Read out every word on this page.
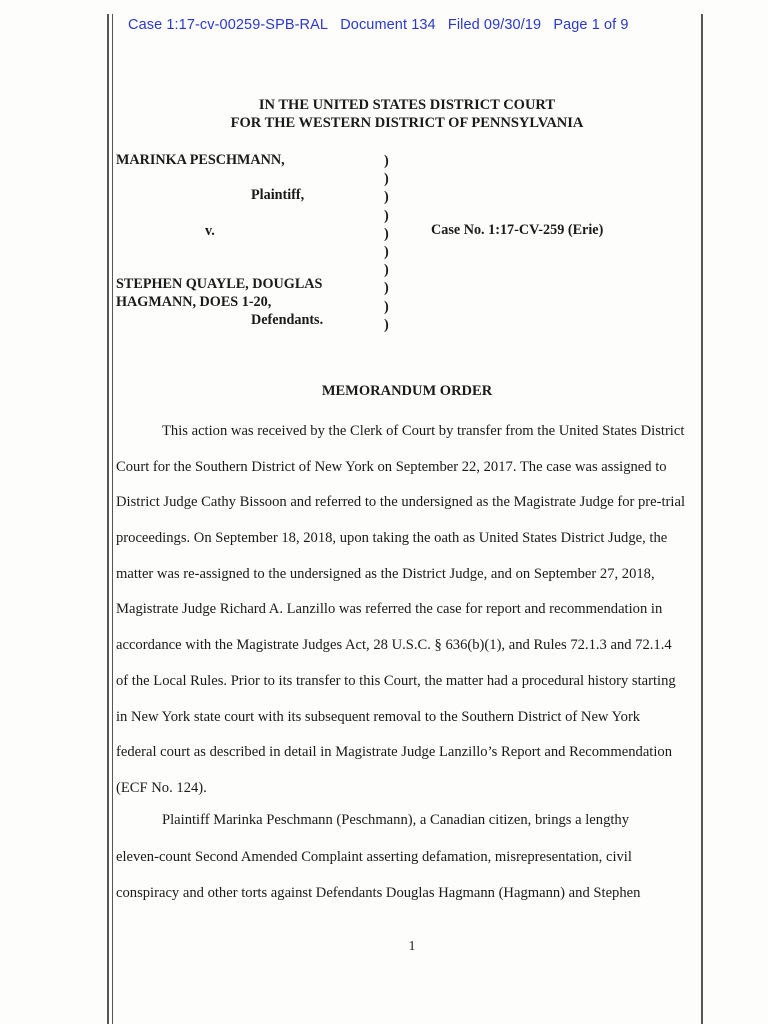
Case 1:17-cv-00259-SPB-RAL Document 134 Filed 09/30/19 Page 1 of 9
IN THE UNITED STATES DISTRICT COURT
FOR THE WESTERN DISTRICT OF PENNSYLVANIA
MARINKA PESCHMANN,
Plaintiff,
v.	Case No. 1:17-CV-259 (Erie)
STEPHEN QUAYLE, DOUGLAS
HAGMANN, DOES 1-20,
Defendants.
)
)
)
)
)
)
)
)
)
)
MEMORANDUM ORDER
This action was received by the Clerk of Court by transfer from the United States District
Court for the Southern District of New York on September 22, 2017. The case was assigned to
District Judge Cathy Bissoon and referred to the undersigned as the Magistrate Judge for pre-trial
proceedings. On September 18, 2018, upon taking the oath as United States District Judge, the
matter was re-assigned to the undersigned as the District Judge, and on September 27, 2018,
Magistrate Judge Richard A. Lanzillo was referred the case for report and recommendation in
accordance with the Magistrate Judges Act, 28 U.S.C. § 636(b)(1), and Rules 72.1.3 and 72.1.4
of the Local Rules. Prior to its transfer to this Court, the matter had a procedural history starting
in New York state court with its subsequent removal to the Southern District of New York
federal court as described in detail in Magistrate Judge Lanzillo’s Report and Recommendation
(ECF No. 124).
Plaintiff Marinka Peschmann (Peschmann), a Canadian citizen, brings a lengthy
eleven-count Second Amended Complaint asserting defamation, misrepresentation, civil
conspiracy and other torts against Defendants Douglas Hagmann (Hagmann) and Stephen
1
